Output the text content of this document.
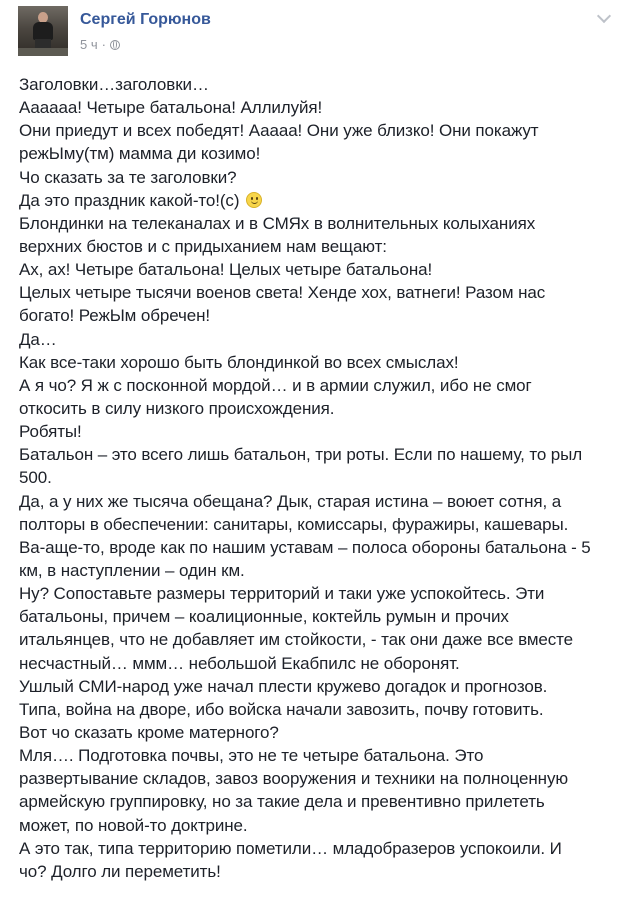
Сергей Горюнов
5 ч ·
Заголовки…заголовки…
Аааааа! Четыре батальона! Аллилуйя!
Они приедут и всех победят! Ааааа! Они уже близко! Они покажут
режЫму(тм) мамма ди козимо!
Чо сказать за те заголовки?
Да это праздник какой-то!(с)
Блондинки на телеканалах и в СМЯх в волнительных колыханиях
верхних бюстов и с придыханием нам вещают:
Ах, ах! Четыре батальона! Целых четыре батальона!
Целых четыре тысячи военов света! Хенде хох, ватнеги! Разом нас
богато! РежЫм обречен!
Да…
Как все-таки хорошо быть блондинкой во всех смыслах!
А я чо? Я ж с посконной мордой… и в армии служил, ибо не смог
откосить в силу низкого происхождения.
Робяты!
Батальон – это всего лишь батальон, три роты. Если по нашему, то рыл
500.
Да, а у них же тысяча обещана? Дык, старая истина – воюет сотня, а
полторы в обеспечении: санитары, комиссары, фуражиры, кашевары.
Ва-аще-то, вроде как по нашим уставам – полоса обороны батальона - 5
км, в наступлении – один км.
Ну? Сопоставьте размеры территорий и таки уже успокойтесь. Эти
батальоны, причем – коалиционные, коктейль румын и прочих
итальянцев, что не добавляет им стойкости, - так они даже все вместе
несчастный… ммм… небольшой Екабпилс не оборонят.
Ушлый СМИ-народ уже начал плести кружево догадок и прогнозов.
Типа, война на дворе, ибо войска начали завозить, почву готовить.
Вот чо сказать кроме матерного?
Мля…. Подготовка почвы, это не те четыре батальона. Это
развертывание складов, завоз вооружения и техники на полноценную
армейскую группировку, но за такие дела и превентивно прилететь
может, по новой-то доктрине.
А это так, типа территорию пометили… младобразеров успокоили. И
чо? Долго ли переметить!
